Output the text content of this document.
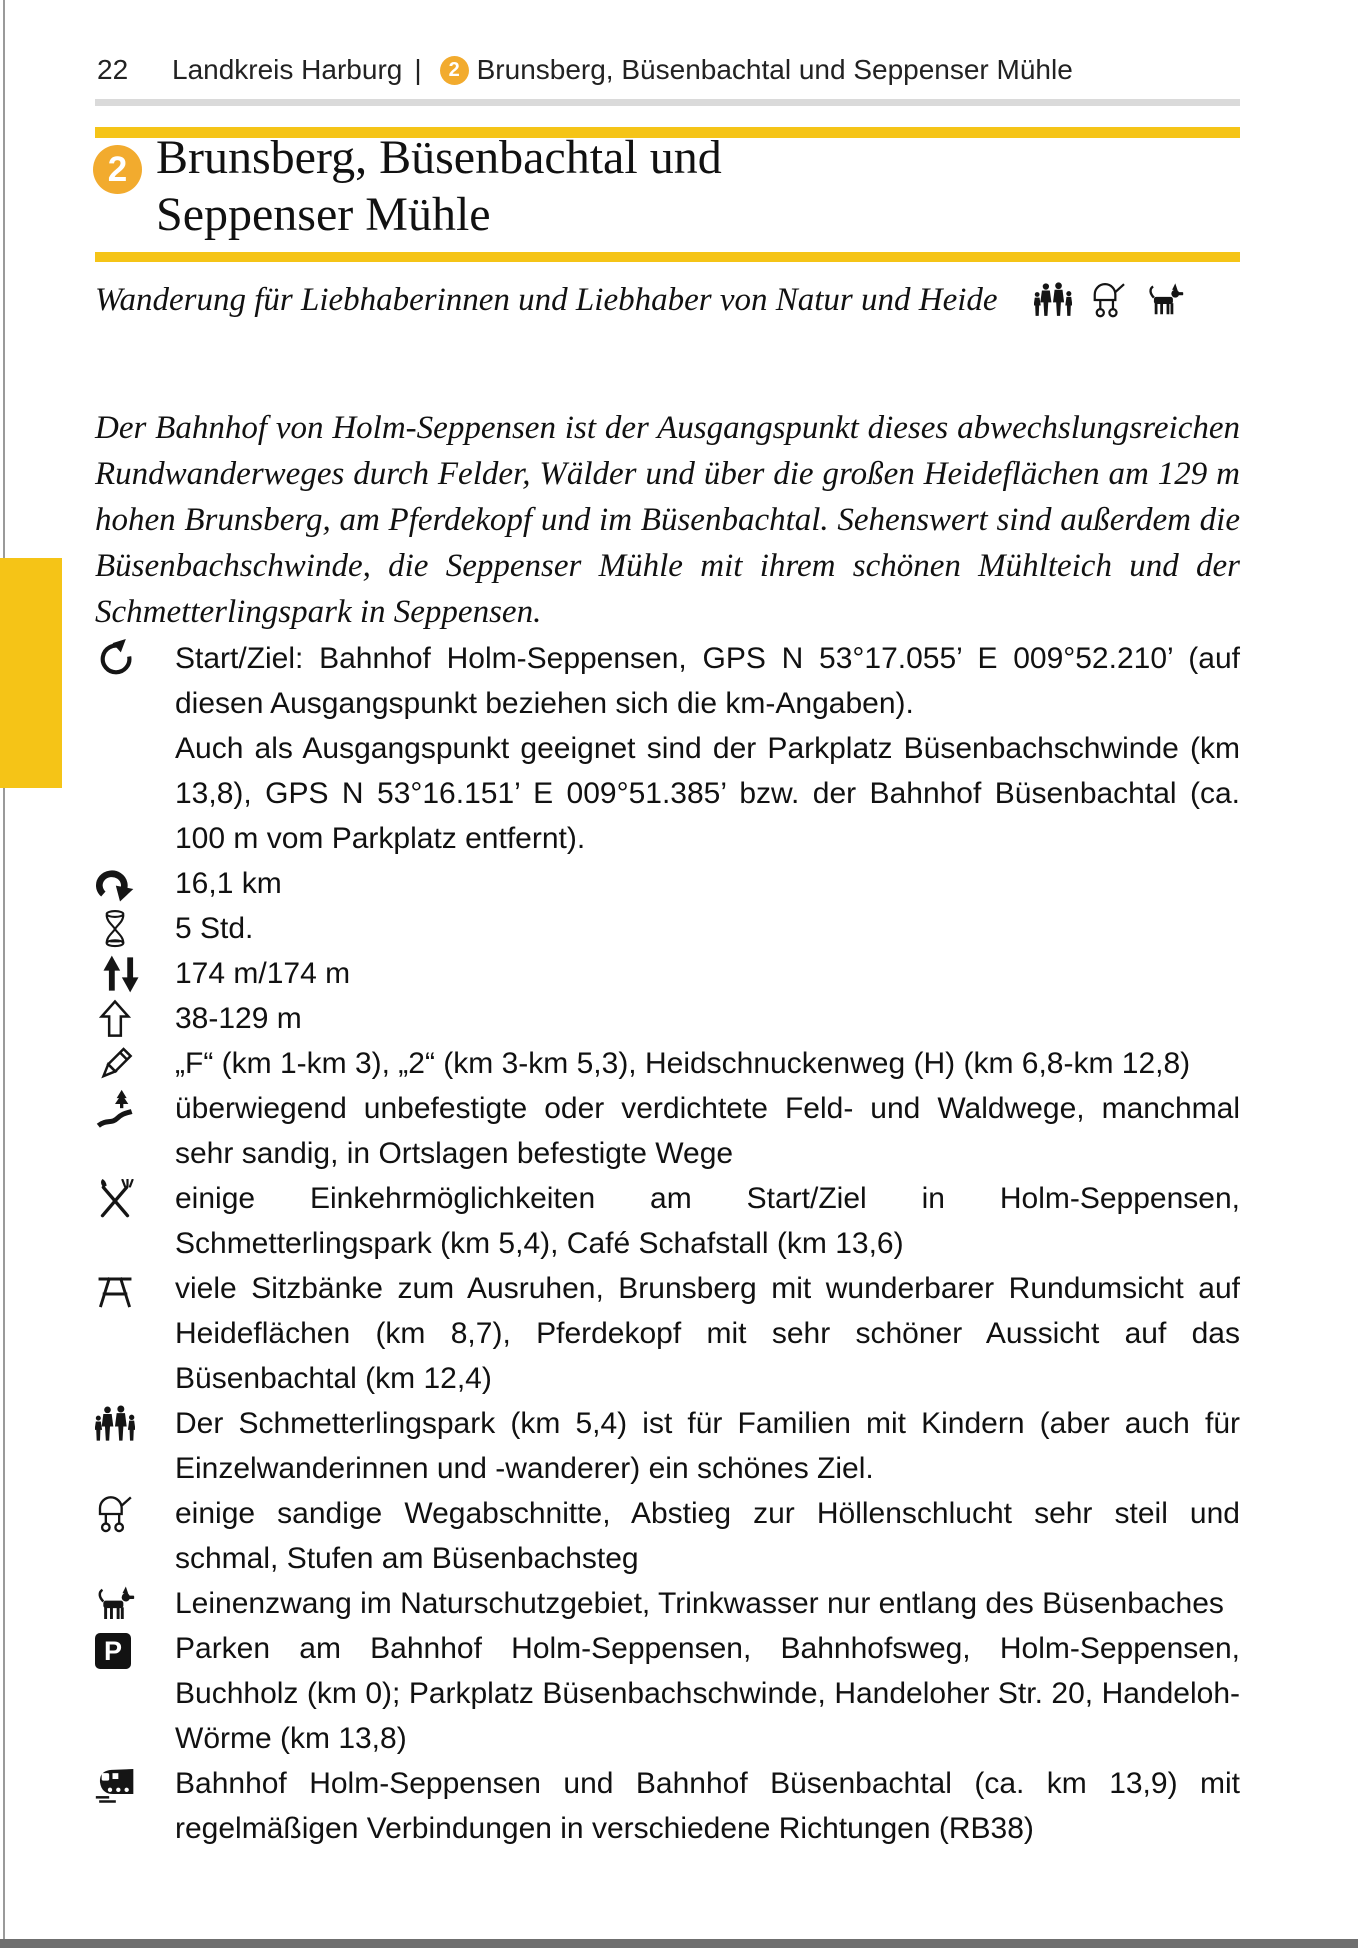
22	Landkreis Harburg |	2 Brunsberg, Büsenbachtal und Seppenser Mühle
2 Brunsberg, Büsenbachtal und
Seppenser Mühle
Wanderung für Liebhaberinnen und Liebhaber von Natur und Heide

Der Bahnhof von Holm-Seppensen ist der Ausgangspunkt dieses abwechslungsreichen Rundwanderweges durch Felder, Wälder und über die großen Heideflächen am 129 m hohen Brunsberg, am Pferdekopf und im Büsenbachtal. Sehenswert sind außerdem die Büsenbachschwinde, die Seppenser Mühle mit ihrem schönen Mühlteich und der Schmetterlingspark in Seppensen.

Start/Ziel: Bahnhof Holm-Seppensen, GPS N 53°17.055’ E 009°52.210’ (auf diesen Ausgangspunkt beziehen sich die km-Angaben).

Auch als Ausgangspunkt geeignet sind der Parkplatz Büsenbachschwinde (km 13,8), GPS N 53°16.151’ E 009°51.385’ bzw. der Bahnhof Büsenbachtal (ca. 100 m vom Parkplatz entfernt).

16,1 km
5 Std.
174 m/174 m
38-129 m
„F“ (km 1-km 3), „2“ (km 3-km 5,3), Heidschnuckenweg (H) (km 6,8-km 12,8)
überwiegend unbefestigte oder verdichtete Feld- und Waldwege, manchmal sehr sandig, in Ortslagen befestigte Wege
einige Einkehrmöglichkeiten am Start/Ziel in Holm-Seppensen, Schmetterlingspark (km 5,4), Café Schafstall (km 13,6)
viele Sitzbänke zum Ausruhen, Brunsberg mit wunderbarer Rundumsicht auf Heideflächen (km 8,7), Pferdekopf mit sehr schöner Aussicht auf das Büsenbachtal (km 12,4)
Der Schmetterlingspark (km 5,4) ist für Familien mit Kindern (aber auch für Einzelwanderinnen und -wanderer) ein schönes Ziel.
einige sandige Wegabschnitte, Abstieg zur Höllenschlucht sehr steil und schmal, Stufen am Büsenbachsteg
Leinenzwang im Naturschutzgebiet, Trinkwasser nur entlang des Büsenbaches
P	Parken am Bahnhof Holm-Seppensen, Bahnhofsweg, Holm-Seppensen, Buchholz (km 0); Parkplatz Büsenbachschwinde, Handeloher Str. 20, Handeloh-Wörme (km 13,8)
Bahnhof Holm-Seppensen und Bahnhof Büsenbachtal (ca. km 13,9) mit regelmäßigen Verbindungen in verschiedene Richtungen (RB38)
